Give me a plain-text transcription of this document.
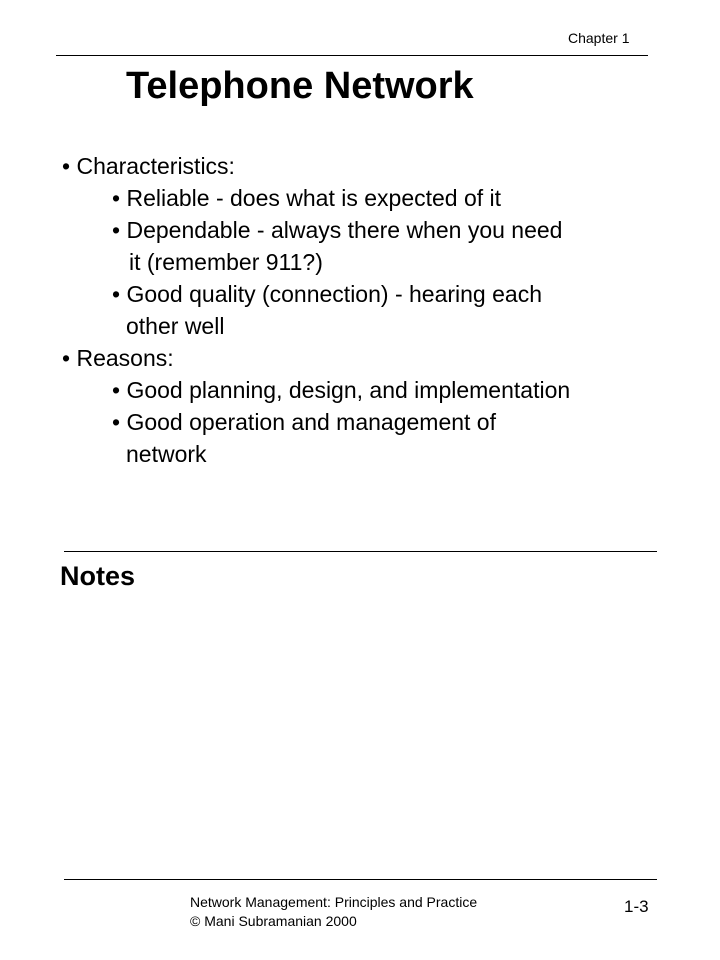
Chapter 1
Telephone Network

• Characteristics:

• Reliable - does what is expected of it

• Dependable - always there when you need

it (remember 911?)

• Good quality (connection) - hearing each

other well

• Reasons:

• Good planning, design, and implementation

• Good operation and management of

network

Notes
Network Management: Principles and Practice
© Mani Subramanian 2000
1-3
